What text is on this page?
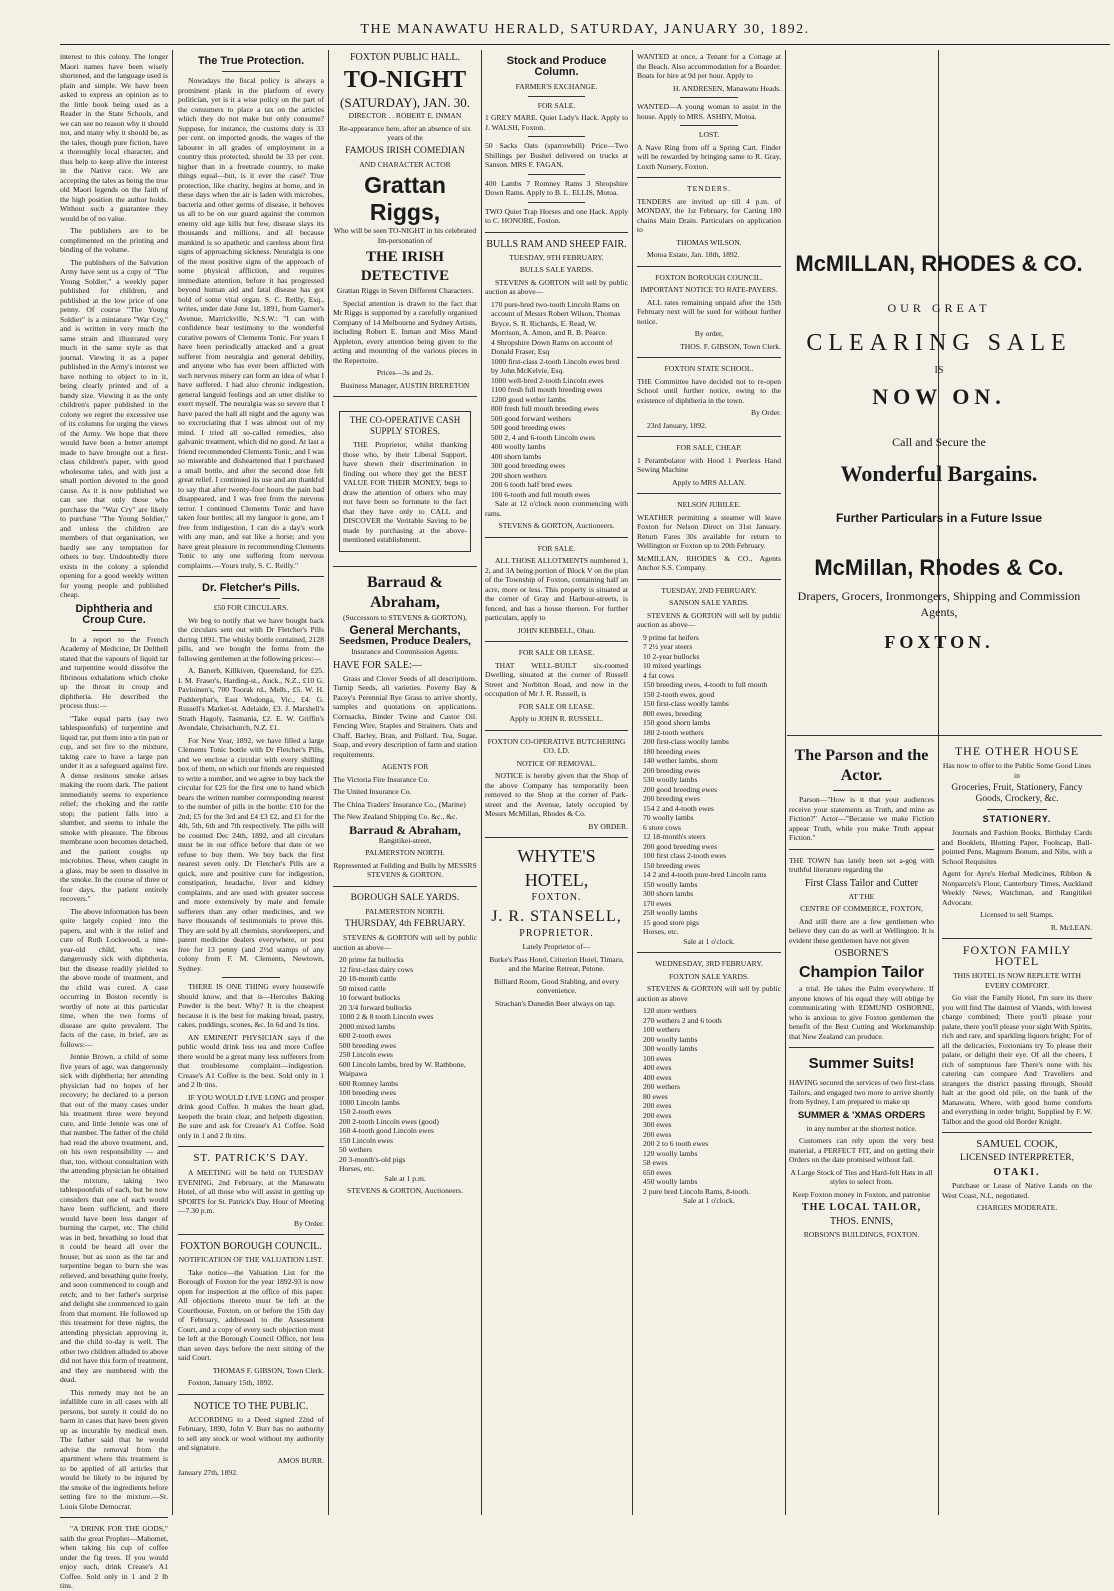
THE MANAWATU HERALD, SATURDAY, JANUARY 30, 1892.

interest to this colony. The longer Maori names have been wisely shortened, and the language used is plain and simple. We have been asked to express an opinion as to the little book being used as a Reader in the State Schools, and we can see no reason why it should not, and many why it should be, as the tales, though pure fiction, have a thoroughly local character, and thus help to keep alive the interest in the Native race. We are accepting the tales as being the true old Maori legends on the faith of the high position the author holds. Without such a guarantee they would be of no value.

The publishers are to be complimented on the printing and binding of the volume.

The publishers of the Salvation Army have sent us a copy of "The Young Soldier," a weekly paper published for children, and published at the low price of one penny. Of course "The Young Soldier" is a miniature "War Cry," and is written in very much the same strain and illustrated very much in the same style as that journal. Viewing it as a paper published in the Army's interest we have nothing to object to in it, being clearly printed and of a handy size. Viewing it as the only children's paper published in the colony we regret the excessive use of its columns for urging the views of the Army. We hope that there would have been a better attempt made to have brought out a first-class children's paper, with good wholesome tales, and with just a small portion devoted to the good cause. As it is now published we can see that only those who purchase the "War Cry" are likely to purchase "The Young Soldier," and unless the children are members of that organisation, we hardly see any temptation for others to buy. Undoubtedly there exists in the colony a splendid opening for a good weekly written for young people and published cheap.

Diphtheria and Croup Cure.

In a report to the French Academy of Medicine, Dr Delthell stated that the vapours of liquid tar and turpentine would dissolve the fibrinous exhalations which choke up the throat in croup and diphtheria. He described the process thus:—

"Take equal parts (say two tablespoonfuls) of turpentine and liquid tar, put them into a tin pan or cup, and set fire to the mixture, taking care to have a large pan under it as a safeguard against fire. A dense resinous smoke arises making the room dark. The patient immediately seems to experience relief; the choking and the rattle stop; the patient falls into a slumber, and seems to inhale the smoke with pleasure. The fibrous membrane soon becomes detached, and the patient coughs up microbites. These, when caught in a glass, may be seen to dissolve in the smoke. In the course of three or four days, the patient entirely recovers."

The above information has been quite largely copied into the papers, and with it the relief and cure of Ruth Lockwood, a nine-year-old child, who was dangerously sick with diphtheria, but the disease readily yielded to the above mode of treatment, and the child was cured. A case occurring in Boston recently is worthy of note at this particular time, when the two forms of disease are quite prevalent. The facts of the case, in brief, are as follows:—

Jennie Brown, a child of some five years of age, was dangerously sick with diphtheria; her attending physician had no hopes of her recovery; he declared to a person that out of the many cases under his treatment three were beyond cure, and little Jennie was one of that number. The father of the child had read the above treatment, and, on his own responsibility — and that, too, without consultation with the attending physician he obtained the mixture, taking two tablespoonfuls of each, but he now considers that one of each would have been sufficient, and there would have been less danger of burning the carpet, etc. The child was in bed, breathing so loud that it could be heard all over the house; but as soon as the tar and turpentine began to burn she was relieved, and breathing quite freely, and soon commenced to cough and retch; and to her father's surprise and delight she commenced to gain from that moment. He followed up this treatment for three nights, the attending physician approving it, and the child to-day is well. The other two children alluded to above did not have this form of treatment, and they are numbered with the dead.

This remedy may not be an infallible cure in all cases with all persons, but surely it could do no harm in cases that have been given up as incurable by medical men. The father said that he would advise the removal from the apartment where this treatment is to be applied of all articles that would be likely to be injured by the smoke of the ingredients before setting fire to the mixture.—St. Louis Globe Democrat.

"A DRINK FOR THE GODS," saith the great Prophet—Mahomet, when taking his cup of coffee under the fig trees. If you would enjoy such, drink Crease's A1 Coffee. Sold only in 1 and 2 lb tins.

The True Protection.

Nowadays the fiscal policy is always a prominent plank in the platform of every politician, yet is it a wise policy on the part of the consumers to place a tax on the articles which they do not make but only consume? Suppose, for instance, the customs duty is 33 per cent. on imported goods, the wages of the labourer in all grades of employment in a country thus protected, should be 33 per cent. higher than in a freetrade country, to make things equal—but, is it ever the case? True protection, like charity, begins at home, and in these days when the air is laden with microbes, bacteria and other germs of disease, it behoves us all to be on our guard against the common enemy old age kills but few, disease slays its thousands and millions, and all because mankind is so apathetic and careless about first signs of approaching sickness. Neuralgia is one of the most positive signs of the approach of some physical affliction, and requires immediate attention, before it has progressed beyond human aid and fatal disease has got hold of some vital organ. S. C. Reilly, Esq., writes, under date June 1st, 1891, from Garner's Avenue, Marrickville, N.S.W.: "I can with confidence bear testimony to the wonderful curative powers of Clements Tonic. For years I have been periodically attacked and a great sufferer from neuralgia and general debility, and anyone who has ever been afflicted with such nervous misery can form an idea of what I have suffered. I had also chronic indigestion, general languid feelings and an utter dislike to exert myself. The neuralgia was so severe that I have paced the hall all night and the agony was so excruciating that I was almost out of my mind. I tried all so-called remedies, also galvanic treatment, which did no good. At last a friend recommended Clements Tonic, and I was so miserable and disheartened that I purchased a small bottle, and after the second dose felt great relief. I continued its use and am thankful to say that after twenty-four hours the pain had disappeared, and I was free from the nervous terror. I continued Clements Tonic and have taken four bottles; all my languor is gone, am I free from indigestion, I can do a day's work with any man, and eat like a horse; and you have great pleasure in recommending Clements Tonic to any one suffering from nervous complaints.—Yours truly, S. C. Reilly."

Dr. Fletcher's Pills.

£50 FOR CIRCULARS.

We beg to notify that we have bought back the circulars sent out with Dr Fletcher's Pills during 1891. The whisky bottle contained, 2128 pills, and we bought the forms from the following gentlemen at the following prices:—

A. Banerb, Killkiven, Queensland, for £25. I. M. Fraser's, Harding-st., Auck., N.Z., £10 G. Pavloinen's, 700 Toorak rd., Melb., £5. W. H. Pudderphat's, East Wodonga, Vic., £4. G. Russell's Market-st. Adelaide, £3. J. Marshell's Strath Hagoly, Tasmania, £2. E. W. Griffin's Avondale, Christchurch, N.Z. £1.

For New Year, 1892, we have filled a large Clements Tonic bottle with Dr Fletcher's Pills, and we enclose a circular with every shilling box of them, on which our friends are requested to write a number, and we agree to buy back the circular for £25 for the first one to hand which bears the written number corresponding nearest to the number of pills in the bottle: £10 for the 2nd; £5 for the 3rd and £4 £3 £2, and £1 for the 4th, 5th, 6th and 7th respectively. The pills will be counted Dec 24th, 1892, and all circulars must be in our office before that date or we refuse to buy them. We buy back the first nearest seven only. Dr Fletcher's Pills are a quick, sure and positive cure for indigestion, constipation, headache, liver and kidney complaints, and are used with greater success and more extensively by male and female sufferers than any other medicines, and we have thousands of testimonials to prove this. They are sold by all chemists, storekeepers, and patent medicine dealers everywhere, or post free for 13 penny (and 2½d stamps of any colony from F. M. Clements, Newtown, Sydney.

THERE IS ONE THING every housewife should know, and that is—Hercules Baking Powder is the best. Why? It is the cheapest because it is the best for making bread, pastry, cakes, puddings, scones, &c. In 6d and 1s tins.

AN EMINENT PHYSICIAN says if the public would drink less tea and more Coffee there would be a great many less sufferers from that troublesome complaint—indigestion. Crease's A1 Coffee is the best. Sold only in 1 and 2 lb tins.

IF YOU WOULD LIVE LONG and prosper drink good Coffee. It makes the heart glad, keepeth the brain clear, and helpeth digestion. Be sure and ask for Crease's A1 Coffee. Sold only in 1 and 2 lb tins.

ST. PATRICK'S DAY.

A MEETING will be held on TUESDAY EVENING, 2nd February, at the Manawatu Hotel, of all those who will assist in getting up SPORTS for St. Patrick's Day. Hour of Meeting—7.30 p.m.

By Order.

FOXTON BOROUGH COUNCIL.

NOTIFICATION OF THE VALUATION LIST.

Take notice—the Valuation List for the Borough of Foxton for the year 1892-93 is now open for inspection at the office of this paper. All objections thereto must be left at the Courthouse, Foxton, on or before the 15th day of February, addressed to the Assessment Court, and a copy of every such objection must be left at the Borough Council Office, not less than seven days before the next sitting of the said Court.

THOMAS F. GIBSON, Town Clerk.

Foxton, January 15th, 1892.

NOTICE TO THE PUBLIC.

ACCORDING to a Deed signed 22nd of February, 1890, John V. Burr has no authority to sell any stock or wool without my authority and signature.

AMOS BURR.

January 27th, 1892.

FOXTON PUBLIC HALL.

TO-NIGHT
(SATURDAY), JAN. 30.

DIRECTOR . . ROBERT E. INMAN

Re-appearance here, after an absence of six years of the

FAMOUS IRISH COMEDIAN

AND CHARACTER ACTOR

Grattan Riggs,

Who will be seen TO-NIGHT in his celebrated Im-personation of

THE IRISH DETECTIVE

Grattan Riggs in Seven Different Characters.

Special attention is drawn to the fact that Mr Riggs is supported by a carefully organised Company of 14 Melbourne and Sydney Artists, including Robert E. Inman and Miss Maud Appleton, every attention being given to the acting and mounting of the various pieces in the Repertoire.

Prices—3s and 2s.

Business Manager, AUSTIN BRERETON

THE CO-OPERATIVE CASH SUPPLY STORES.

THE Proprietor, whilst thanking those who, by their Liberal Support, have shewn their discrimination in finding out where they get the BEST VALUE FOR THEIR MONEY, begs to draw the attention of others who may not have been so fortunate to the fact that they have only to CALL and DISCOVER the Veritable Saving to be made by purchasing at the above-mentioned establishment.

Barraud & Abraham,

(Successors to STEVENS & GORTON),

General Merchants,
Seedsmen, Produce Dealers,

Insurance and Commission Agents.

HAVE FOR SALE:—

Grass and Clover Seeds of all descriptions. Turnip Seeds, all varieties. Poverty Bay & Pacey's Perennial Rye Grass to arrive shortly, samples and quotations on applications. Cornsacks, Binder Twine and Castor Oil. Fencing Wire, Staples and Strainers. Oats and Chaff, Barley, Bran, and Pollard. Tea, Sugar, Soap, and every description of farm and station requirements.

AGENTS FOR

The Victoria Fire Insurance Co.

The United Insurance Co.

The China Traders' Insurance Co., (Marine)

The New Zealand Shipping Co. &c., &c.

Barraud & Abraham,

Rangitikei-street,

PALMERSTON NORTH.

Represented at Feilding and Bulls by MESSRS STEVENS & GORTON.

BOROUGH SALE YARDS.

PALMERSTON NORTH.

THURSDAY, 4th FEBRUARY.

STEVENS & GORTON will sell by public auction as above—

20 prime fat bullocks
12 first-class dairy cows
20 18-month cattle
50 mixed cattle
10 forward bullocks
20 3/4 forward bullocks
1000 2 & 8 tooth Lincoln ewes
2000 mixed lambs
600 2-tooth ewes
500 breeding ewes
250 Lincoln ewes
600 Lincoln lambs, bred by W. Rathbone, Waipawa
600 Romney lambs
100 breeding ewes
1000 Lincoln lambs
150 2-tooth ewes
200 2-tooth Lincoln ewes (good)
160 4-tooth good Lincoln ewes
150 Lincoln ewes
50 wethers
20 3-month's-old pigs
Horses, etc.

Sale at 1 p.m.

STEVENS & GORTON, Auctioneers.

Stock and Produce Column.

FARMER'S EXCHANGE.

FOR SALE.

1 GREY MARE. Quiet Lady's Hack. Apply to J. WALSH, Foxton.

50 Sacks Oats (sparrowbill) Price—Two Shillings per Bushel delivered on trucks at Sanson. MRS F. FAGAN.

400 Lambs 7 Romney Rams 3 Shropshire Down Rams. Apply to B. L. ELLIS, Motoa.

TWO Quiet Trap Horses and one Hack. Apply to C. HONORE, Foxton.

BULLS RAM AND SHEEP FAIR.

TUESDAY, 9TH FEBRUARY.

BULLS SALE YARDS.

STEVENS & GORTON will sell by public auction as above—

170 pure-bred two-tooth Lincoln Rams on account of Messrs Robert Wilson, Thomas Bryce, S. R. Richards, E. Read, W. Morrison, A. Amon, and R. B. Pearce.
4 Shropshire Down Rams on account of Donald Fraser, Esq
1000 first-class 2-tooth Lincoln ewes bred by John McKelvie, Esq.
1000 well-bred 2-tooth Lincoln ewes
1100 fresh full mouth breeding ewes
1200 good wether lambs
800 fresh full mouth breeding ewes
500 good forward wethers
500 good breeding ewes
500 2, 4 and 6-tooth Lincoln ewes
400 woolly lambs
400 shorn lambs
300 good breeding ewes
200 shorn wethers
200 6 tooth half bred ewes
100 6-tooth and full mouth ewes

Sale at 12 o'clock noon commencing with rams.

STEVENS & GORTON, Auctioneers.

FOR SALE.

ALL THOSE ALLOTMENTS numbered 1, 2, and 3A being portion of Block V on the plan of the Township of Foxton, containing half an acre, more or less. This property is situated at the corner of Gray and Harbour-streets, is fenced, and has a house thereon. For further particulars, apply to

JOHN KEBBELL, Ohau.

FOR SALE OR LEASE.

THAT WELL-BUILT six-roomed Dwelling, situated at the corner of Russell Street and Norbiton Road, and now in the occupation of Mr J. R. Russell, is

FOR SALE OR LEASE.

Apply to JOHN R. RUSSELL.

FOXTON CO-OPERATIVE BUTCHERING CO. LD.

NOTICE OF REMOVAL.

NOTICE is hereby given that the Shop of the above Company has temporarily been removed to the Shop at the corner of Park-street and the Avenue, lately occupied by Messrs McMillan, Rhodes & Co.

BY ORDER.

WHYTE'S HOTEL,

FOXTON.

J. R. STANSELL,

PROPRIETOR.

Lately Proprietor of—

Burke's Pass Hotel, Criterion Hotel, Timaru, and the Marine Retreat, Petone.

Billiard Room, Good Stabling, and every convenience.

Strachan's Dunedin Beer always on tap.

WANTED at once, a Tenant for a Cottage at the Beach. Also accommodation for a Boarder. Boats for hire at 9d per hour. Apply to

H. ANDRESEN, Manawatu Heads.

WANTED—A young woman to assist in the house. Apply to MRS. ASHBY, Motoa.

LOST.

A Nave Ring from off a Spring Cart. Finder will be rewarded by bringing same to R. Gray, Loxth Nursery, Foxton.

TENDERS.

TENDERS are invited up till 4 p.m. of MONDAY, the 1st February, for Carting 180 chains Main Drain. Particulars on application to

THOMAS WILSON.

Motoa Estate, Jan. 18th, 1892.

FOXTON BOROUGH COUNCIL.

IMPORTANT NOTICE TO RATE-PAYERS.

ALL rates remaining unpaid after the 15th February next will be sued for without further notice.

By order,

THOS. F. GIBSON, Town Clerk.

FOXTON STATE SCHOOL.

THE Committee have decided not to re-open School until further notice, owing to the existence of diphtheria in the town.

By Order.

23rd January, 1892.

FOR SALE, CHEAP.

1 Perambulator with Hood 1 Peerless Hand Sewing Machine

Apply to MRS ALLAN.

NELSON JUBILEE.

WEATHER permitting a steamer will leave Foxton for Nelson Direct on 31st January. Return Fares 30s available for return to Wellington or Foxton up to 20th February.

McMILLAN, RHODES & CO., Agents Anchor S.S. Company.

TUESDAY, 2ND FEBRUARY.

SANSON SALE YARDS.

STEVENS & GORTON will sell by public auction as above—

9 prime fat heifers
7 2½ year steers
10 2-year bullocks
10 mixed yearlings
4 fat cows
150 breeding ewes, 4-tooth to full mouth
150 2-tooth ewes, good
150 first-class woolly lambs
800 ewes, breeding
150 good shorn lambs
180 2-tooth wethers
200 first-class woolly lambs
180 breeding ewes
140 wether lambs, shorn
200 breeding ewes
530 woolly lambs
200 good breeding ewes
200 breeding ewes
154 2 and 4-tooth ewes
70 woolly lambs
6 store cows
12 18-month's steers
200 good breeding ewes
100 first class 2-tooth ewes
150 breeding ewes
14 2 and 4-tooth pure-bred Lincoln rams
150 woolly lambs
300 shorn lambs
170 ewes
258 woolly lambs
15 good store pigs
Horses, etc.

Sale at 1 o'clock.

WEDNESDAY, 3RD FEBRUARY.

FOXTON SALE YARDS.

STEVENS & GORTON will sell by public auction as above

120 store wethers
270 wethers 2 and 6 tooth
100 wethers
200 woolly lambs
300 woolly lambs
100 ewes
400 ewes
400 ewes
200 wethers
80 ewes
200 ewes
200 ewes
300 ewes
200 ewes
200 2 to 6 tooth ewes
120 woolly lambs
58 ewes
650 ewes
450 woolly lambs
2 pure bred Lincoln Rams, 8-tooth.

Sale at 1 o'clock.

McMILLAN, RHODES & CO.
OUR GREAT
CLEARING SALE
IS
NOW ON.
Call and Secure the
Wonderful Bargains.
Further Particulars in a Future Issue
McMillan, Rhodes & Co.
Drapers, Grocers, Ironmongers, Shipping and Commission Agents,
FOXTON.
The Parson and the Actor.

Parson—"How is it that your audiences receive your statements as Truth, and mine as Fiction?" Actor—"Because we make Fiction appear Truth, while you make Truth appear Fiction."

THE TOWN has lately been set a-gog with truthful literature regarding the

First Class Tailor and Cutter

AT THE

CENTRE OF COMMERCE, FOXTON,

And still there are a few gentlemen who believe they can do as well at Wellington. It is evident these gentlemen have not given

OSBORNE'S

Champion Tailor

a trial. He takes the Palm everywhere. If anyone knows of his equal they will oblige by communicating with EDMUND OSBORNE, who is anxious to give Foxton gentlemen the benefit of the Best Cutting and Workmanship that New Zealand can produce.

Summer Suits!

HAVING secured the services of two first-class Tailors, and engaged two more to arrive shortly from Sydney, I am prepared to make up

SUMMER & 'XMAS ORDERS

in any number at the shortest notice.

Customers can rely upon the very best material, a PERFECT FIT, and on getting their Orders on the date promised without fail.

A Large Stock of Ties and Hard-felt Hats in all styles to select from.

Keep Foxton money in Foxton, and patronise

THE LOCAL TAILOR,

THOS. ENNIS,

ROBSON'S BUILDINGS, FOXTON.

THE OTHER HOUSE

Has now to offer to the Public Some Good Lines in

Groceries, Fruit, Stationery, Fancy Goods, Crockery, &c.

STATIONERY.

Journals and Fashion Books, Birthday Cards and Booklets, Blotting Paper, Foolscap, Ball-pointed Pens, Magnum Bonum, and Nibs, with a School Requisites

Agent for Ayre's Herbal Medicines, Ribbon & Nonparcels's Flour, Canterbury Times, Auckland Weekly News, Watchman, and Rangitikei Advocate.

Licensed to sell Stamps.

R. McLEAN.

FOXTON FAMILY HOTEL

THIS HOTEL IS NOW REPLETE WITH EVERY COMFORT.

Go visit the Family Hotel, I'm sure its there you will find The daintest of Viands, with lowest charge combined; There you'll please your palate, there you'll please your sight With Spirits, rich and rare, and sparkling liquors bright; For of all the delicacies, Foxtonians try To please their palate, or delight their eye. Of all the cheers, I rich of sumptuous fare There's none with his catering can compare And Travellers and strangers the district passing through, Should halt at the good old pile, on the bank of the Manawatu, Where, with good home comforts and everything in order bright, Supplied by F. W. Talbot and the good old Border Knight.

SAMUEL COOK,

LICENSED INTERPRETER,

OTAKI.

Purchase or Lease of Native Lands on the West Coast, N.I., negotiated.

CHARGES MODERATE.
